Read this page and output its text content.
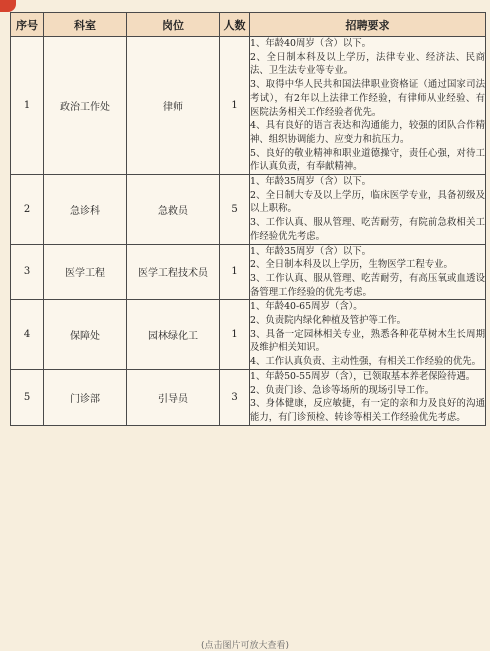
序号	科室	岗位	人数	招聘要求
1	政治工作处	律师	1	1、年龄40周岁（含）以下。
2、全日制本科及以上学历，法律专业、经济法、民商法、卫生法专业等专业。
3、取得中华人民共和国法律职业资格证（通过国家司法考试），有2年以上法律工作经验，有律师从业经验、有医院法务相关工作经验者优先。
4、具有良好的语言表达和沟通能力，较强的团队合作精神、组织协调能力、应变力和抗压力。
5、良好的敬业精神和职业道德操守，责任心强，对待工作认真负责，有奉献精神。

2	急诊科	急救员	5	1、年龄35周岁（含）以下。
2、全日制大专及以上学历，临床医学专业，具备初级及以上职称。
3、工作认真、服从管理、吃苦耐劳，有院前急救相关工作经验优先考虑。

3	医学工程	医学工程技术员	1	1、年龄35周岁（含）以下。
2、全日制本科及以上学历，生物医学工程专业。
3、工作认真、服从管理、吃苦耐劳，有高压氧或血透设备管理工作经验的优先考虑。

4	保障处	园林绿化工	1	1、年龄40-65周岁（含）。
2、负责院内绿化种植及管护等工作。
3、具备一定园林相关专业，熟悉各种花草树木生长周期及维护相关知识。
4、工作认真负责、主动性强，有相关工作经验的优先。

5	门诊部	引导员	3	1、年龄50-55周岁（含），已领取基本养老保险待遇。
2、负责门诊、急诊等场所的现场引导工作。
3、身体健康，反应敏捷，有一定的亲和力及良好的沟通能力，有门诊预检、转诊等相关工作经验优先考虑。
(点击图片可放大查看)
